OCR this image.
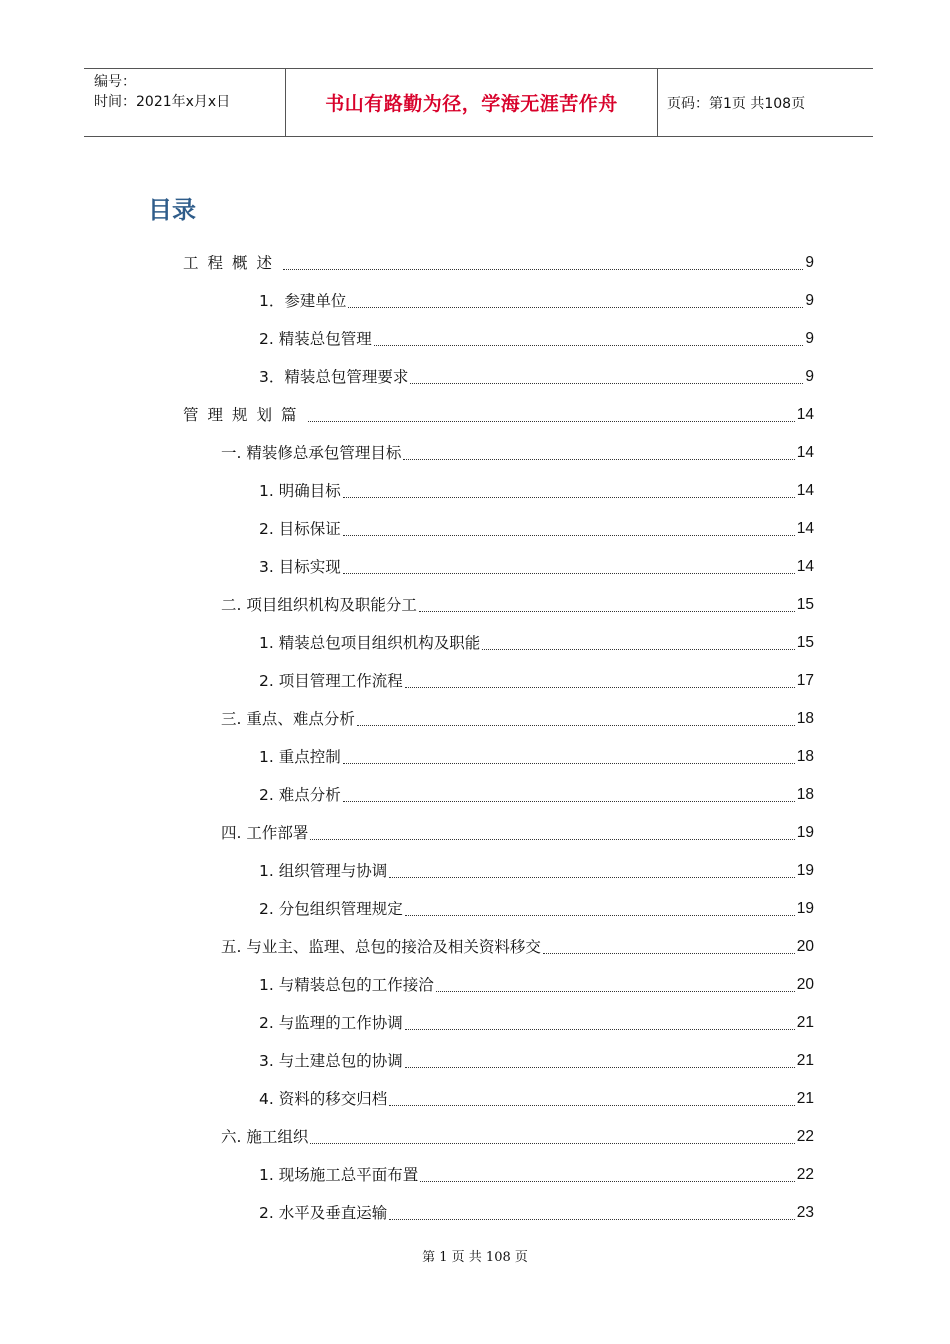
编号：
时间：2021年x月x日	书山有路勤为径，学海无涯苦作舟	页码：第1页 共108页
目录
工程概述	9
1．参建单位	9
2. 精装总包管理	9
3．精装总包管理要求	9
管理规划篇	14
一. 精装修总承包管理目标	14
1. 明确目标	14
2. 目标保证	14
3. 目标实现	14
二. 项目组织机构及职能分工	15
1. 精装总包项目组织机构及职能	15
2. 项目管理工作流程	17
三. 重点、难点分析	18
1. 重点控制	18
2. 难点分析	18
四. 工作部署	19
1. 组织管理与协调	19
2. 分包组织管理规定	19
五. 与业主、监理、总包的接洽及相关资料移交	20
1. 与精装总包的工作接洽	20
2. 与监理的工作协调	21
3. 与土建总包的协调	21
4. 资料的移交归档	21
六. 施工组织	22
1. 现场施工总平面布置	22
2. 水平及垂直运输	23
第 1 页 共 108 页
